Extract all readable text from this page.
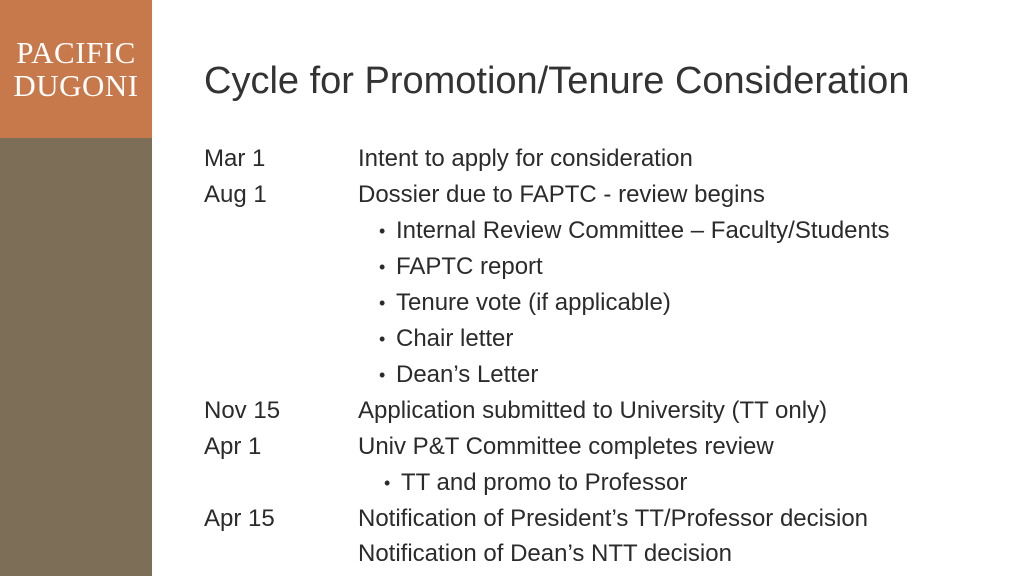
PACIFIC
DUGONI Cycle for Promotion/Tenure Consideration
Mar 1	Intent to apply for consideration
Aug 1	Dossier due to FAPTC - review begins
• Internal Review Committee – Faculty/Students
• FAPTC report
• Tenure vote (if applicable)
• Chair letter
• Dean’s Letter
Nov 15	Application submitted to University (TT only)
Apr 1	Univ P&T Committee completes review
• TT and promo to Professor
Apr 15	Notification of President’s TT/Professor decision
Notification of Dean’s NTT decision
